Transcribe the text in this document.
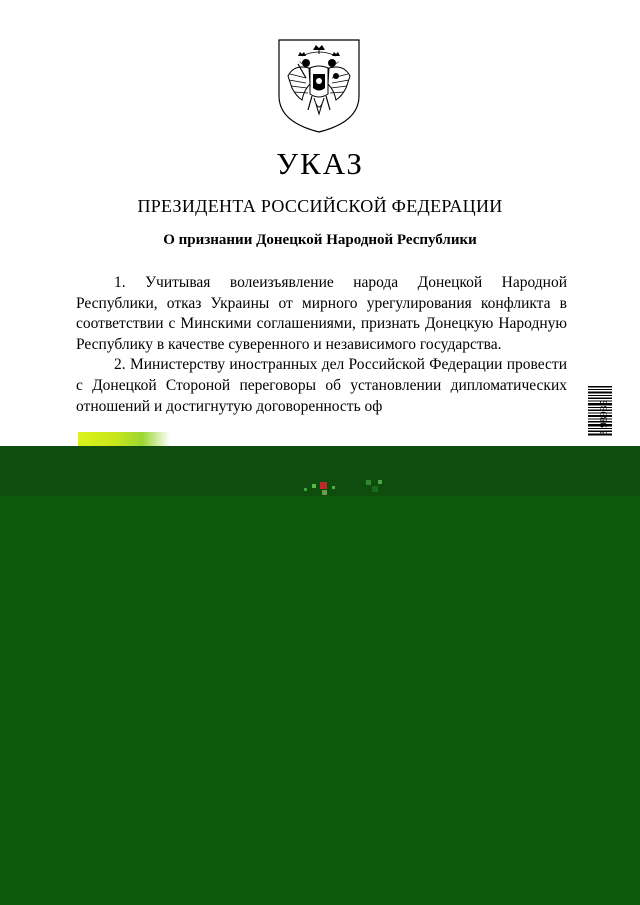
УКАЗ
ПРЕЗИДЕНТА РОССИЙСКОЙ ФЕДЕРАЦИИ
О признании Донецкой Народной Республики

1. Учитывая волеизъявление народа Донецкой Народной Республики, отказ Украины от мирного урегулирования конфликта в соответствии с Минскими соглашениями, признать Донецкую Народную Республику в качестве суверенного и независимого государства.

2. Министерству иностранных дел Российской Федерации провести с Донецкой Стороной переговоры об установлении дипломатических отношений и достигнутую договоренность оф	3 98985
